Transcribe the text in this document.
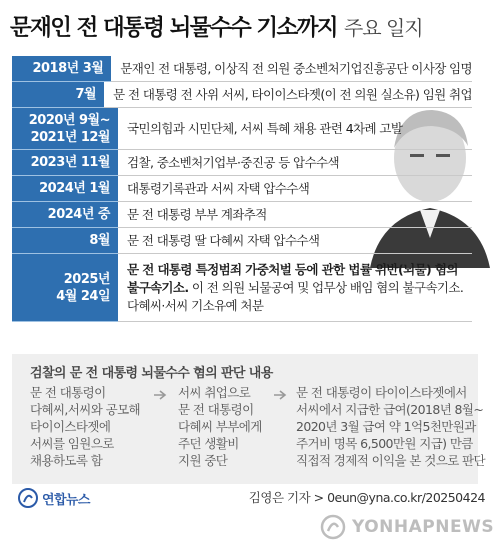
문재인 전 대통령 뇌물수수 기소까지 주요 일지
2018년 3월 문재인 전 대통령, 이상직 전 의원 중소벤처기업진흥공단 이사장 임명
7월 문 전 대통령 전 사위 서씨, 타이이스타젯(이 전 의원 실소유) 임원 취업
2020년 9월~
2021년 12월
국민의힘과 시민단체, 서씨 특혜 채용 관련 4차례 고발
2023년 11월 검찰, 중소벤처기업부·중진공 등 압수수색
2024년 1월 대통령기록관과 서씨 자택 압수수색
2024년 중 문 전 대통령 부부 계좌추적
8월 문 전 대통령 딸 다혜씨 자택 압수수색
2025년
4월 24일
문 전 대통령 특정범죄 가중처벌 등에 관한 법률 위반(뇌물) 혐의
불구속기소. 이 전 의원 뇌물공여 및 업무상 배임 혐의 불구속기소.
다혜씨·서씨 기소유예 처분
검찰의 문 전 대통령 뇌물수수 혐의 판단 내용
문 전 대통령이
다혜씨,서씨와 공모해
타이이스타젯에
서씨를 임원으로
채용하도록 함
서씨 취업으로
문 전 대통령이
다혜씨 부부에게
주던 생활비
지원 중단
문 전 대통령이 타이이스타젯에서
서씨에서 지급한 급여(2018년 8월~
2020년 3월 급여 약 1억5천만원과
주거비 명목 6,500만원 지급) 만큼
직접적 경제적 이익을 본 것으로 판단
연합뉴스	김영은 기자 > 0eun@yna.co.kr/20250424
YONHAPNEWS
